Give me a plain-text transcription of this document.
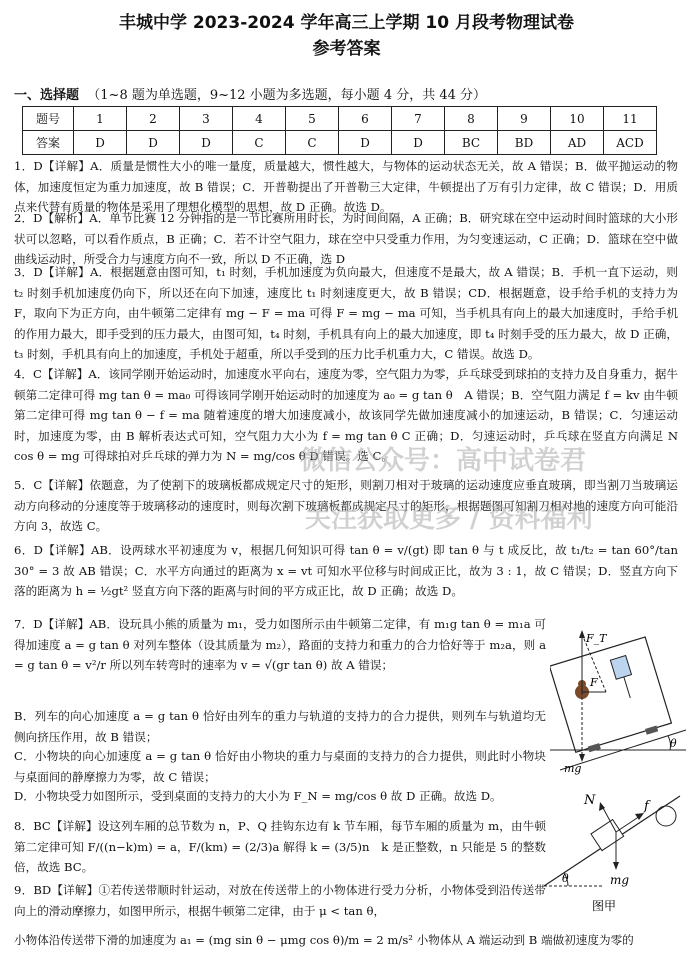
丰城中学 2023-2024 学年高三上学期 10 月段考物理试卷
参考答案
一、选择题 （1~8 题为单选题，9~12 小题为多选题，每小题 4 分，共 44 分）
题号	1	2	3	4	5	6	7	8	9	10	11
答案	D	D	D	C	C	D	D	BC	BD	AD	ACD
1．D【详解】A．质量是惯性大小的唯一量度，质量越大，惯性越大，与物体的运动状态无关，故 A 错误；B．做平抛运动的物体，加速度恒定为重力加速度，故 B 错误；C．开普勒提出了开普勒三大定律，牛顿提出了万有引力定律，故 C 错误；D．用质点来代替有质量的物体是采用了理想化模型的思想，故 D 正确。故选 D。
2．D【解析】A．单节比赛 12 分钟指的是一节比赛所用时长，为时间间隔，A 正确；B．研究球在空中运动时间时篮球的大小形状可以忽略，可以看作质点，B 正确；C．若不计空气阻力，球在空中只受重力作用，为匀变速运动，C 正确；D．篮球在空中做曲线运动时，所受合力与速度方向不一致，所以 D 不正确，选 D
3．D【详解】A．根据题意由图可知，t₁ 时刻，手机加速度为负向最大，但速度不是最大，故 A 错误；B．手机一直下运动，则 t₂ 时刻手机加速度仍向下，所以还在向下加速，速度比 t₁ 时刻速度更大，故 B 错误；CD．根据题意，设手给手机的支持力为 F，取向下为正方向，由牛顿第二定律有 mg − F = ma 可得 F = mg − ma 可知，当手机具有向上的最大加速度时，手给手机的作用力最大，即手受到的压力最大，由图可知，t₄ 时刻，手机具有向上的最大加速度，即 t₄ 时刻手受的压力最大，故 D 正确，t₃ 时刻，手机具有向上的加速度，手机处于超重，所以手受到的压力比手机重力大，C 错误。故选 D。
4．C【详解】A．该同学刚开始运动时，加速度水平向右，速度为零，空气阻力为零，乒乓球受到球拍的支持力及自身重力，据牛顿第二定律可得 mg tan θ = ma₀ 可得该同学刚开始运动时的加速度为 a₀ = g tan θ　A 错误；B．空气阻力满足 f = kv 由牛顿第二定律可得 mg tan θ − f = ma 随着速度的增大加速度减小，故该同学先做加速度减小的加速运动，B 错误；C．匀速运动时，加速度为零，由 B 解析表达式可知，空气阻力大小为 f = mg tan θ C 正确；D．匀速运动时，乒乓球在竖直方向满足 N cos θ = mg 可得球拍对乒乓球的弹力为 N = mg/cos θ D 错误。选 C。
5．C【详解】依题意，为了使割下的玻璃板都成规定尺寸的矩形，则割刀相对于玻璃的运动速度应垂直玻璃，即当割刀当玻璃运动方向移动的分速度等于玻璃移动的速度时，则每次割下玻璃板都成规定尺寸的矩形，根据题图可知割刀相对地的速度方向可能沿方向 3，故选 C。
6．D【详解】AB．设两球水平初速度为 v，根据几何知识可得 tan θ = v/(gt) 即 tan θ 与 t 成反比，故 t₁/t₂ = tan 60°/tan 30° = 3 故 AB 错误；C．水平方向通过的距离为 x = vt 可知水平位移与时间成正比，故为 3 : 1，故 C 错误；D．竖直方向下落的距离为 h = ½gt² 竖直方向下落的距离与时间的平方成正比，故 D 正确；故选 D。
7．D【详解】AB．设玩具小熊的质量为 m₁，受力如图所示由牛顿第二定律，有 m₁g tan θ = m₁a 可得加速度 a = g tan θ 对列车整体（设其质量为 m₂），路面的支持力和重力的合力恰好等于 m₂a，则 a = g tan θ = v²/r 所以列车转弯时的速率为 v = √(gr tan θ) 故 A 错误；
B．列车的向心加速度 a = g tan θ 恰好由列车的重力与轨道的支持力的合力提供，则列车与轨道均无侧向挤压作用，故 B 错误；
C．小物块的向心加速度 a = g tan θ 恰好由小物块的重力与桌面的支持力的合力提供，则此时小物块与桌面间的静摩擦力为零，故 C 错误；
D．小物块受力如图所示，受到桌面的支持力的大小为 F_N = mg/cos θ 故 D 正确。故选 D。
8．BC【详解】设这列车厢的总节数为 n，P、Q 挂钩东边有 k 节车厢，每节车厢的质量为 m，由牛顿第二定律可知 F/((n−k)m) = a，F/(km) = (2/3)a 解得 k = (3/5)n　k 是正整数，n 只能是 5 的整数倍，故选 BC。
9．BD【详解】①若传送带顺时针运动，对放在传送带上的小物体进行受力分析，小物体受到沿传送带向上的滑动摩擦力，如图甲所示，根据牛顿第二定律，由于 μ < tan θ，
小物体沿传送带下滑的加速度为 a₁ = (mg sin θ − μmg cos θ)/m = 2 m/s² 小物体从 A 端运动到 B 端做初速度为零的
微信公众号：高中试卷君
关注获取更多 / 资料福利
θ
F_T
F
mg
N	f
mg
θ
图甲
